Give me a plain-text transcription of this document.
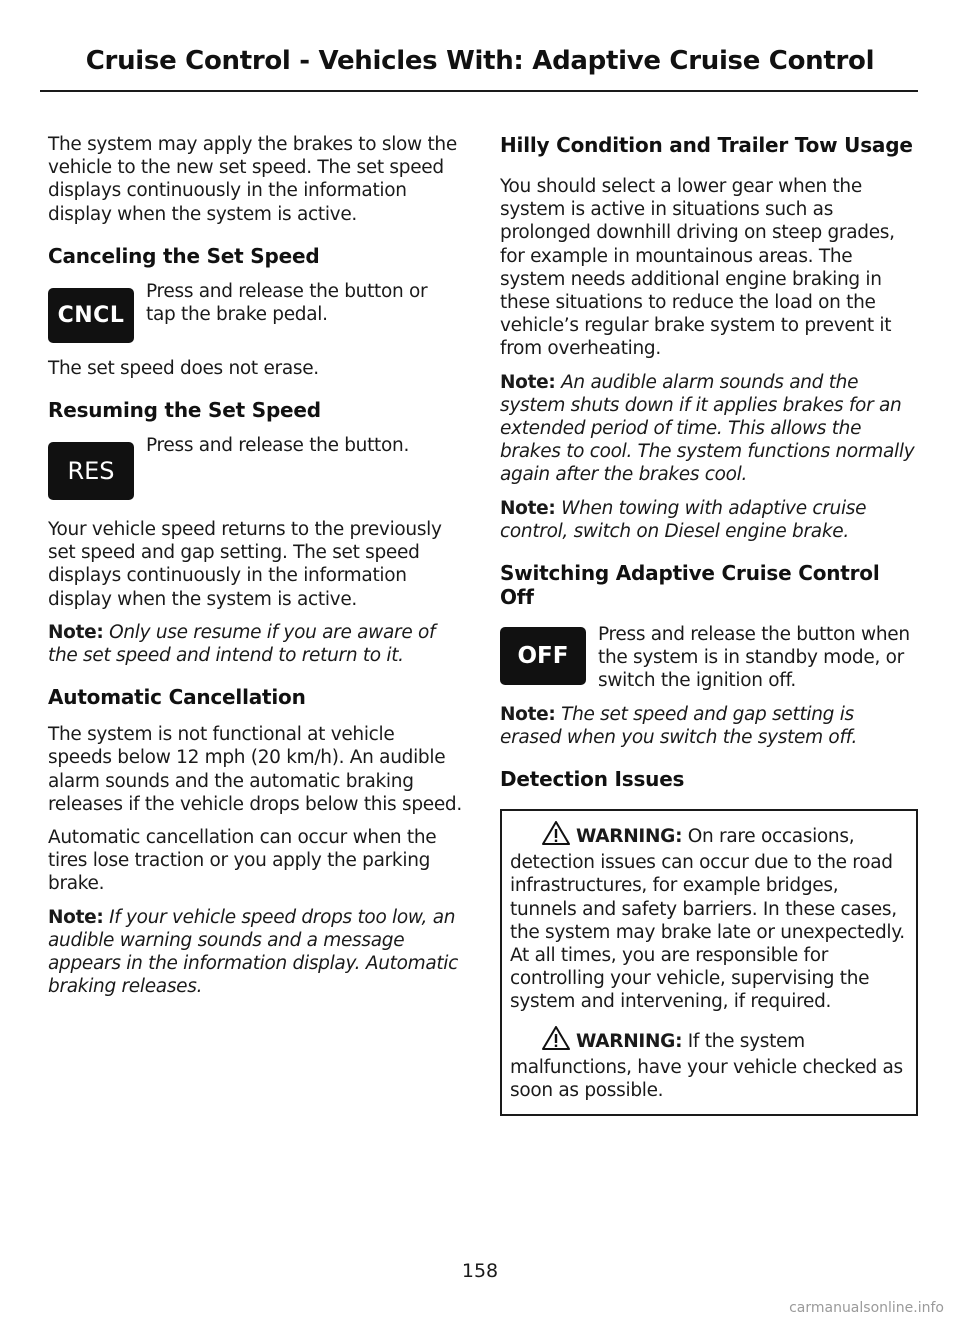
Cruise Control - Vehicles With: Adaptive Cruise Control

The system may apply the brakes to slow the vehicle to the new set speed. The set speed displays continuously in the information display when the system is active.

Canceling the Set Speed
CNCL

Press and release the button or tap the brake pedal.

The set speed does not erase.

Resuming the Set Speed
RES

Press and release the button.

Your vehicle speed returns to the previously set speed and gap setting. The set speed displays continuously in the information display when the system is active.

Note: Only use resume if you are aware of the set speed and intend to return to it.

Automatic Cancellation

The system is not functional at vehicle speeds below 12 mph (20 km/h). An audible alarm sounds and the automatic braking releases if the vehicle drops below this speed.

Automatic cancellation can occur when the tires lose traction or you apply the parking brake.

Note: If your vehicle speed drops too low, an audible warning sounds and a message appears in the information display. Automatic braking releases.

Hilly Condition and Trailer Tow Usage

You should select a lower gear when the system is active in situations such as prolonged downhill driving on steep grades, for example in mountainous areas. The system needs additional engine braking in these situations to reduce the load on the vehicle’s regular brake system to prevent it from overheating.

Note: An audible alarm sounds and the system shuts down if it applies brakes for an extended period of time. This allows the brakes to cool. The system functions normally again after the brakes cool.

Note: When towing with adaptive cruise control, switch on Diesel engine brake.

Switching Adaptive Cruise Control Off
OFF

Press and release the button when the system is in standby mode, or switch the ignition off.

Note: The set speed and gap setting is erased when you switch the system off.

Detection Issues

WARNING: On rare occasions, detection issues can occur due to the road infrastructures, for example bridges, tunnels and safety barriers. In these cases, the system may brake late or unexpectedly. At all times, you are responsible for controlling your vehicle, supervising the system and intervening, if required.

WARNING: If the system malfunctions, have your vehicle checked as soon as possible.

158
carmanualsonline.info
